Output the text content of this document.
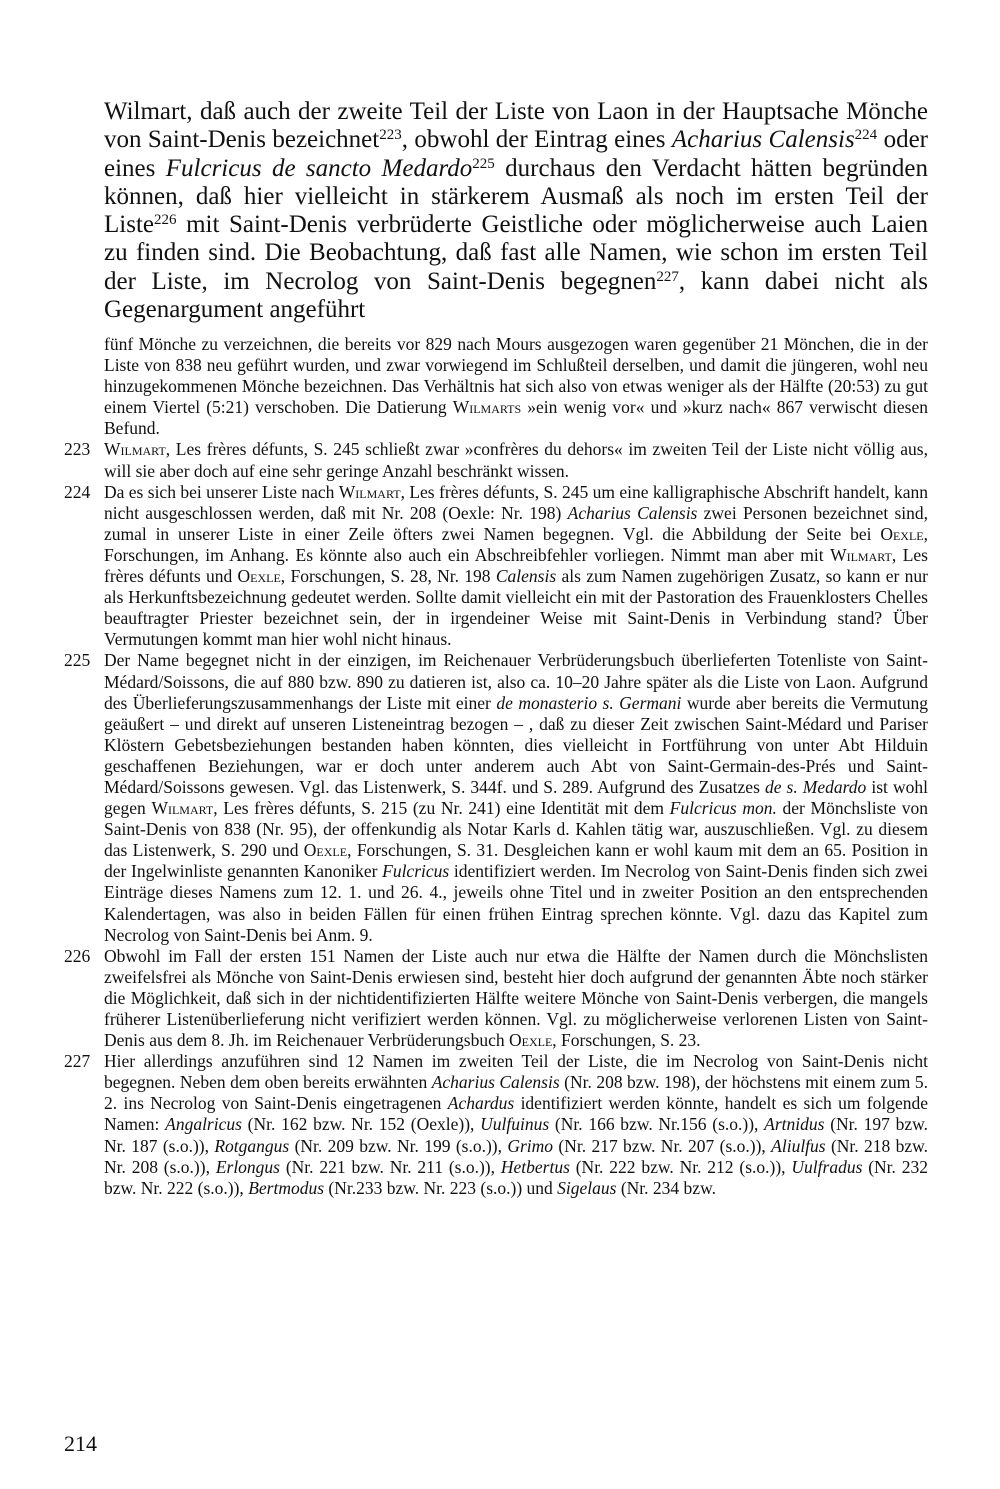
Wilmart, daß auch der zweite Teil der Liste von Laon in der Hauptsache Mönche von Saint-Denis bezeichnet$^{223}$, obwohl der Eintrag eines Acharius Calensis$^{224}$ oder eines Fulcricus de sancto Medardo$^{225}$ durchaus den Verdacht hätten begründen können, daß hier vielleicht in stärkerem Ausmaß als noch im ersten Teil der Liste$^{226}$ mit Saint-Denis verbrüderte Geistliche oder möglicherweise auch Laien zu finden sind. Die Beobachtung, daß fast alle Namen, wie schon im ersten Teil der Liste, im Necrolog von Saint-Denis begegnen$^{227}$, kann dabei nicht als Gegenargument angeführt

fünf Mönche zu verzeichnen, die bereits vor 829 nach Mours ausgezogen waren gegenüber 21 Mönchen, die in der Liste von 838 neu geführt wurden, und zwar vorwiegend im Schlußteil derselben, und damit die jüngeren, wohl neu hinzugekommenen Mönche bezeichnen. Das Verhältnis hat sich also von etwas weniger als der Hälfte (20:53) zu gut einem Viertel (5:21) verschoben. Die Datierung Wilmarts »ein wenig vor« und »kurz nach« 867 verwischt diesen Befund.
223 Wilmart, Les frères défunts, S. 245 schließt zwar »confrères du dehors« im zweiten Teil der Liste nicht völlig aus, will sie aber doch auf eine sehr geringe Anzahl beschränkt wissen.
224 Da es sich bei unserer Liste nach Wilmart, Les frères défunts, S. 245 um eine kalligraphische Abschrift handelt, kann nicht ausgeschlossen werden, daß mit Nr. 208 (Oexle: Nr. 198) Acharius Calensis zwei Personen bezeichnet sind, zumal in unserer Liste in einer Zeile öfters zwei Namen begegnen. Vgl. die Abbildung der Seite bei Oexle, Forschungen, im Anhang. Es könnte also auch ein Abschreibfehler vorliegen. Nimmt man aber mit Wilmart, Les frères défunts und Oexle, Forschungen, S. 28, Nr. 198 Calensis als zum Namen zugehörigen Zusatz, so kann er nur als Herkunftsbezeichnung gedeutet werden. Sollte damit vielleicht ein mit der Pastoration des Frauenklosters Chelles beauftragter Priester bezeichnet sein, der in irgendeiner Weise mit Saint-Denis in Verbindung stand? Über Vermutungen kommt man hier wohl nicht hinaus.
225 Der Name begegnet nicht in der einzigen, im Reichenauer Verbrüderungsbuch überlieferten Totenliste von Saint-Médard/Soissons, die auf 880 bzw. 890 zu datieren ist, also ca. 10–20 Jahre später als die Liste von Laon. Aufgrund des Überlieferungszusammenhangs der Liste mit einer de monasterio s. Germani wurde aber bereits die Vermutung geäußert – und direkt auf unseren Listeneintrag bezogen – , daß zu dieser Zeit zwischen Saint-Médard und Pariser Klöstern Gebetsbeziehungen bestanden haben könnten, dies vielleicht in Fortführung von unter Abt Hilduin geschaffenen Beziehungen, war er doch unter anderem auch Abt von Saint-Germain-des-Prés und Saint-Médard/Soissons gewesen. Vgl. das Listenwerk, S. 344f. und S. 289. Aufgrund des Zusatzes de s. Medardo ist wohl gegen Wilmart, Les frères défunts, S. 215 (zu Nr. 241) eine Identität mit dem Fulcricus mon. der Mönchsliste von Saint-Denis von 838 (Nr. 95), der offenkundig als Notar Karls d. Kahlen tätig war, auszuschließen. Vgl. zu diesem das Listenwerk, S. 290 und Oexle, Forschungen, S. 31. Desgleichen kann er wohl kaum mit dem an 65. Position in der Ingelwinliste genannten Kanoniker Fulcricus identifiziert werden. Im Necrolog von Saint-Denis finden sich zwei Einträge dieses Namens zum 12. 1. und 26. 4., jeweils ohne Titel und in zweiter Position an den entsprechenden Kalendertagen, was also in beiden Fällen für einen frühen Eintrag sprechen könnte. Vgl. dazu das Kapitel zum Necrolog von Saint-Denis bei Anm. 9.
226 Obwohl im Fall der ersten 151 Namen der Liste auch nur etwa die Hälfte der Namen durch die Mönchslisten zweifelsfrei als Mönche von Saint-Denis erwiesen sind, besteht hier doch aufgrund der genannten Äbte noch stärker die Möglichkeit, daß sich in der nichtidentifizierten Hälfte weitere Mönche von Saint-Denis verbergen, die mangels früherer Listenüberlieferung nicht verifiziert werden können. Vgl. zu möglicherweise verlorenen Listen von Saint-Denis aus dem 8. Jh. im Reichenauer Verbrüderungsbuch Oexle, Forschungen, S. 23.
227 Hier allerdings anzuführen sind 12 Namen im zweiten Teil der Liste, die im Necrolog von Saint-Denis nicht begegnen. Neben dem oben bereits erwähnten Acharius Calensis (Nr. 208 bzw. 198), der höchstens mit einem zum 5. 2. ins Necrolog von Saint-Denis eingetragenen Achardus identifiziert werden könnte, handelt es sich um folgende Namen: Angalricus (Nr. 162 bzw. Nr. 152 (Oexle)), Uulfuinus (Nr. 166 bzw. Nr.156 (s.o.)), Artnidus (Nr. 197 bzw. Nr. 187 (s.o.)), Rotgangus (Nr. 209 bzw. Nr. 199 (s.o.)), Grimo (Nr. 217 bzw. Nr. 207 (s.o.)), Aliulfus (Nr. 218 bzw. Nr. 208 (s.o.)), Erlongus (Nr. 221 bzw. Nr. 211 (s.o.)), Hetbertus (Nr. 222 bzw. Nr. 212 (s.o.)), Uulfradus (Nr. 232 bzw. Nr. 222 (s.o.)), Bertmodus (Nr.233 bzw. Nr. 223 (s.o.)) und Sigelaus (Nr. 234 bzw.
214
